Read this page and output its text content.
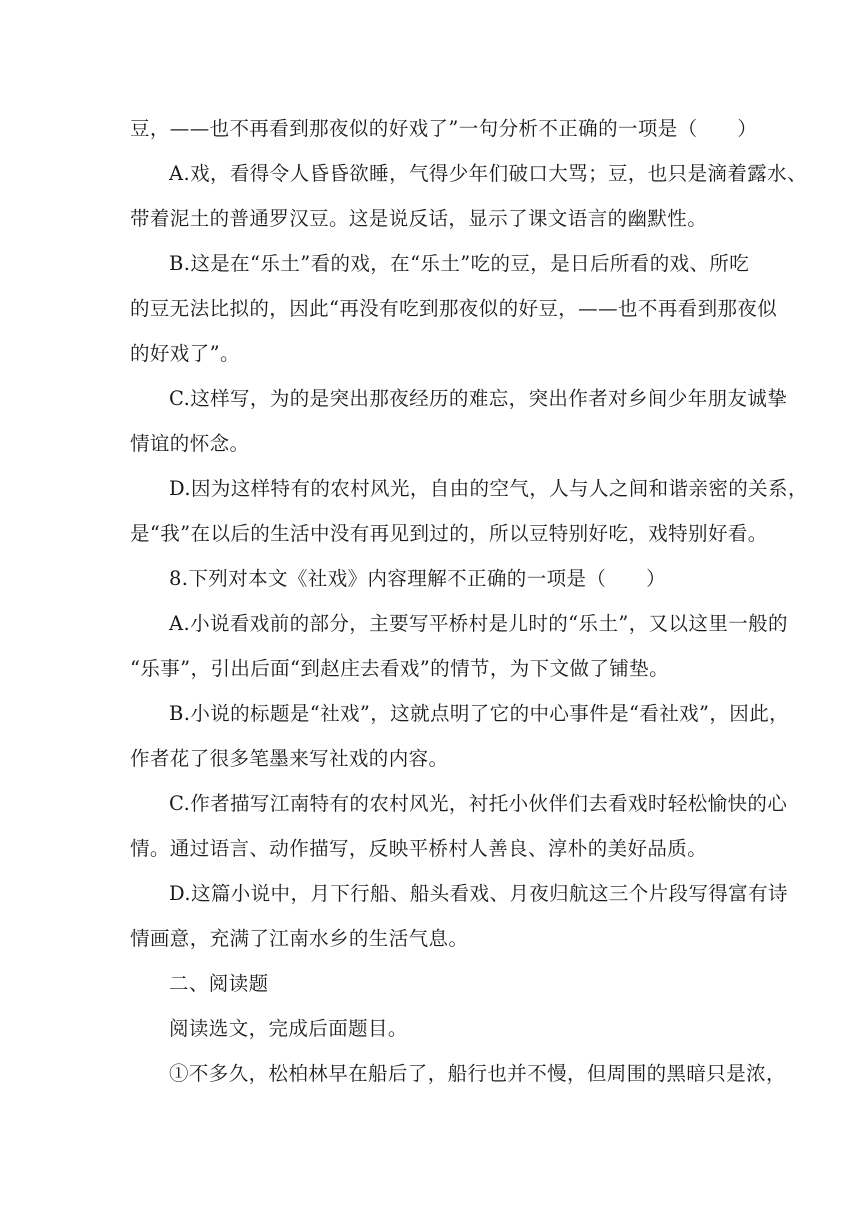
豆，——也不再看到那夜似的好戏了”一句分析不正确的一项是（　　）

A.戏，看得令人昏昏欲睡，气得少年们破口大骂；豆，也只是滴着露水、

带着泥土的普通罗汉豆。这是说反话，显示了课文语言的幽默性。

B.这是在“乐土”看的戏，在“乐土”吃的豆，是日后所看的戏、所吃

的豆无法比拟的，因此“再没有吃到那夜似的好豆，——也不再看到那夜似

的好戏了”。

C.这样写，为的是突出那夜经历的难忘，突出作者对乡间少年朋友诚挚

情谊的怀念。

D.因为这样特有的农村风光，自由的空气，人与人之间和谐亲密的关系，

是“我”在以后的生活中没有再见到过的，所以豆特别好吃，戏特别好看。

8.下列对本文《社戏》内容理解不正确的一项是（　　）

A.小说看戏前的部分，主要写平桥村是儿时的“乐土”，又以这里一般的

“乐事”，引出后面“到赵庄去看戏”的情节，为下文做了铺垫。

B.小说的标题是“社戏”，这就点明了它的中心事件是“看社戏”，因此，

作者花了很多笔墨来写社戏的内容。

C.作者描写江南特有的农村风光，衬托小伙伴们去看戏时轻松愉快的心

情。通过语言、动作描写，反映平桥村人善良、淳朴的美好品质。

D.这篇小说中，月下行船、船头看戏、月夜归航这三个片段写得富有诗

情画意，充满了江南水乡的生活气息。

二、阅读题

阅读选文，完成后面题目。

①不多久，松柏林早在船后了，船行也并不慢，但周围的黑暗只是浓，
